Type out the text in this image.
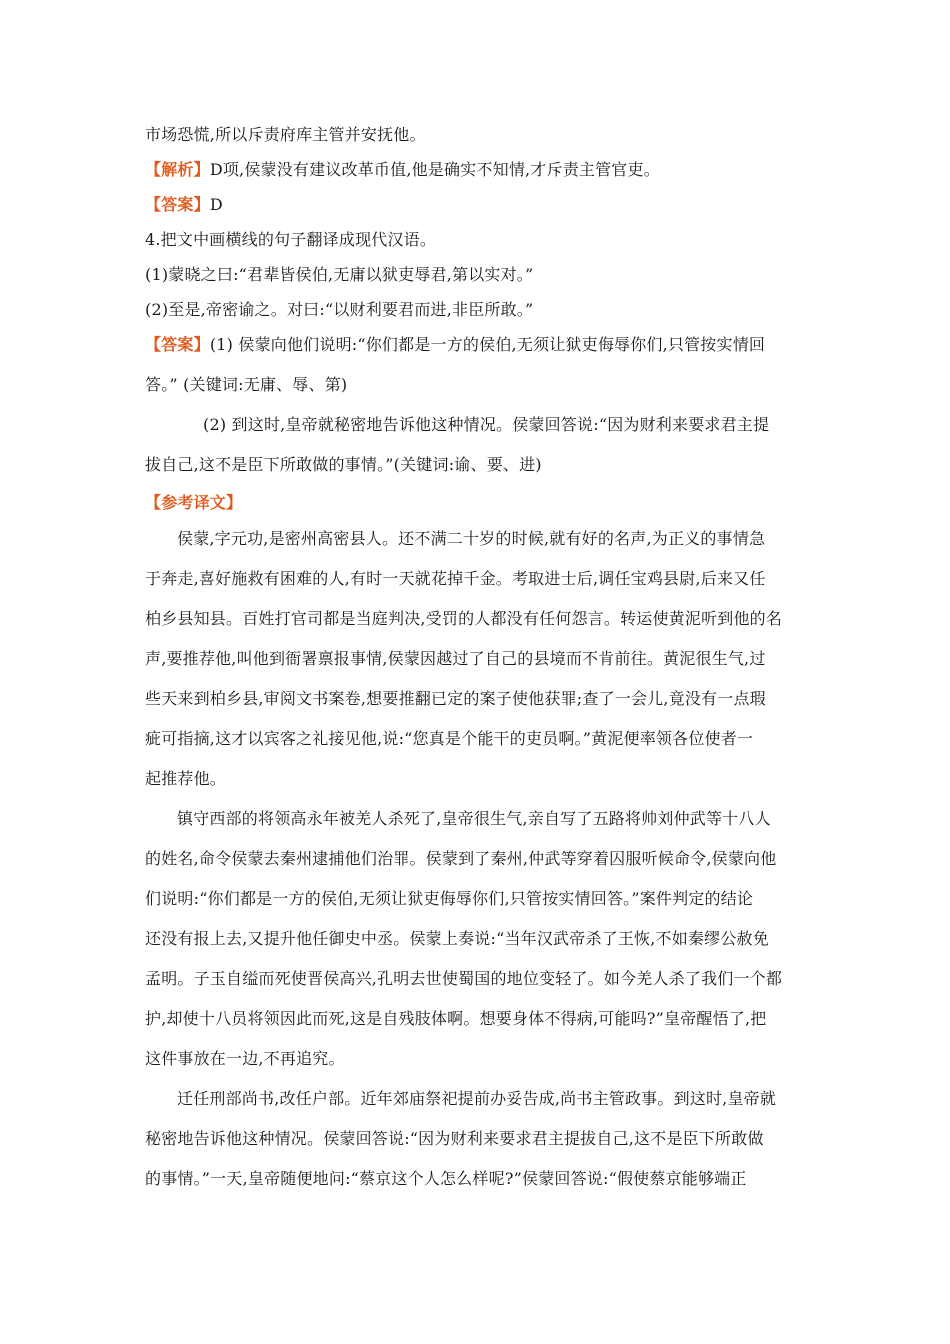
市场恐慌,所以斥责府库主管并安抚他。
【解析】D项,侯蒙没有建议改革币值,他是确实不知情,才斥责主管官吏。
【答案】D
4.把文中画横线的句子翻译成现代汉语。
(1)蒙晓之曰:“君辈皆侯伯,无庸以狱吏辱君,第以实对。”
(2)至是,帝密谕之。对曰:“以财利要君而进,非臣所敢。”
【答案】(1) 侯蒙向他们说明:“你们都是一方的侯伯,无须让狱吏侮辱你们,只管按实情回
答。” (关键词:无庸、辱、第)
(2) 到这时,皇帝就秘密地告诉他这种情况。侯蒙回答说:“因为财利来要求君主提
拔自己,这不是臣下所敢做的事情。”(关键词:谕、要、进)
【参考译文】
侯蒙,字元功,是密州高密县人。还不满二十岁的时候,就有好的名声,为正义的事情急
于奔走,喜好施救有困难的人,有时一天就花掉千金。考取进士后,调任宝鸡县尉,后来又任
柏乡县知县。百姓打官司都是当庭判决,受罚的人都没有任何怨言。转运使黄泥听到他的名
声,要推荐他,叫他到衙署禀报事情,侯蒙因越过了自己的县境而不肯前往。黄泥很生气,过
些天来到柏乡县,审阅文书案卷,想要推翻已定的案子使他获罪;查了一会儿,竟没有一点瑕
疵可指摘,这才以宾客之礼接见他,说:“您真是个能干的吏员啊。”黄泥便率领各位使者一
起推荐他。
镇守西部的将领高永年被羌人杀死了,皇帝很生气,亲自写了五路将帅刘仲武等十八人
的姓名,命令侯蒙去秦州逮捕他们治罪。侯蒙到了秦州,仲武等穿着囚服听候命令,侯蒙向他
们说明:“你们都是一方的侯伯,无须让狱吏侮辱你们,只管按实情回答。”案件判定的结论
还没有报上去,又提升他任御史中丞。侯蒙上奏说:“当年汉武帝杀了王恢,不如秦缪公赦免
孟明。子玉自缢而死使晋侯高兴,孔明去世使蜀国的地位变轻了。如今羌人杀了我们一个都
护,却使十八员将领因此而死,这是自残肢体啊。想要身体不得病,可能吗?”皇帝醒悟了,把
这件事放在一边,不再追究。
迁任刑部尚书,改任户部。近年郊庙祭祀提前办妥告成,尚书主管政事。到这时,皇帝就
秘密地告诉他这种情况。侯蒙回答说:“因为财利来要求君主提拔自己,这不是臣下所敢做
的事情。”一天,皇帝随便地问:“蔡京这个人怎么样呢?”侯蒙回答说:“假使蔡京能够端正
